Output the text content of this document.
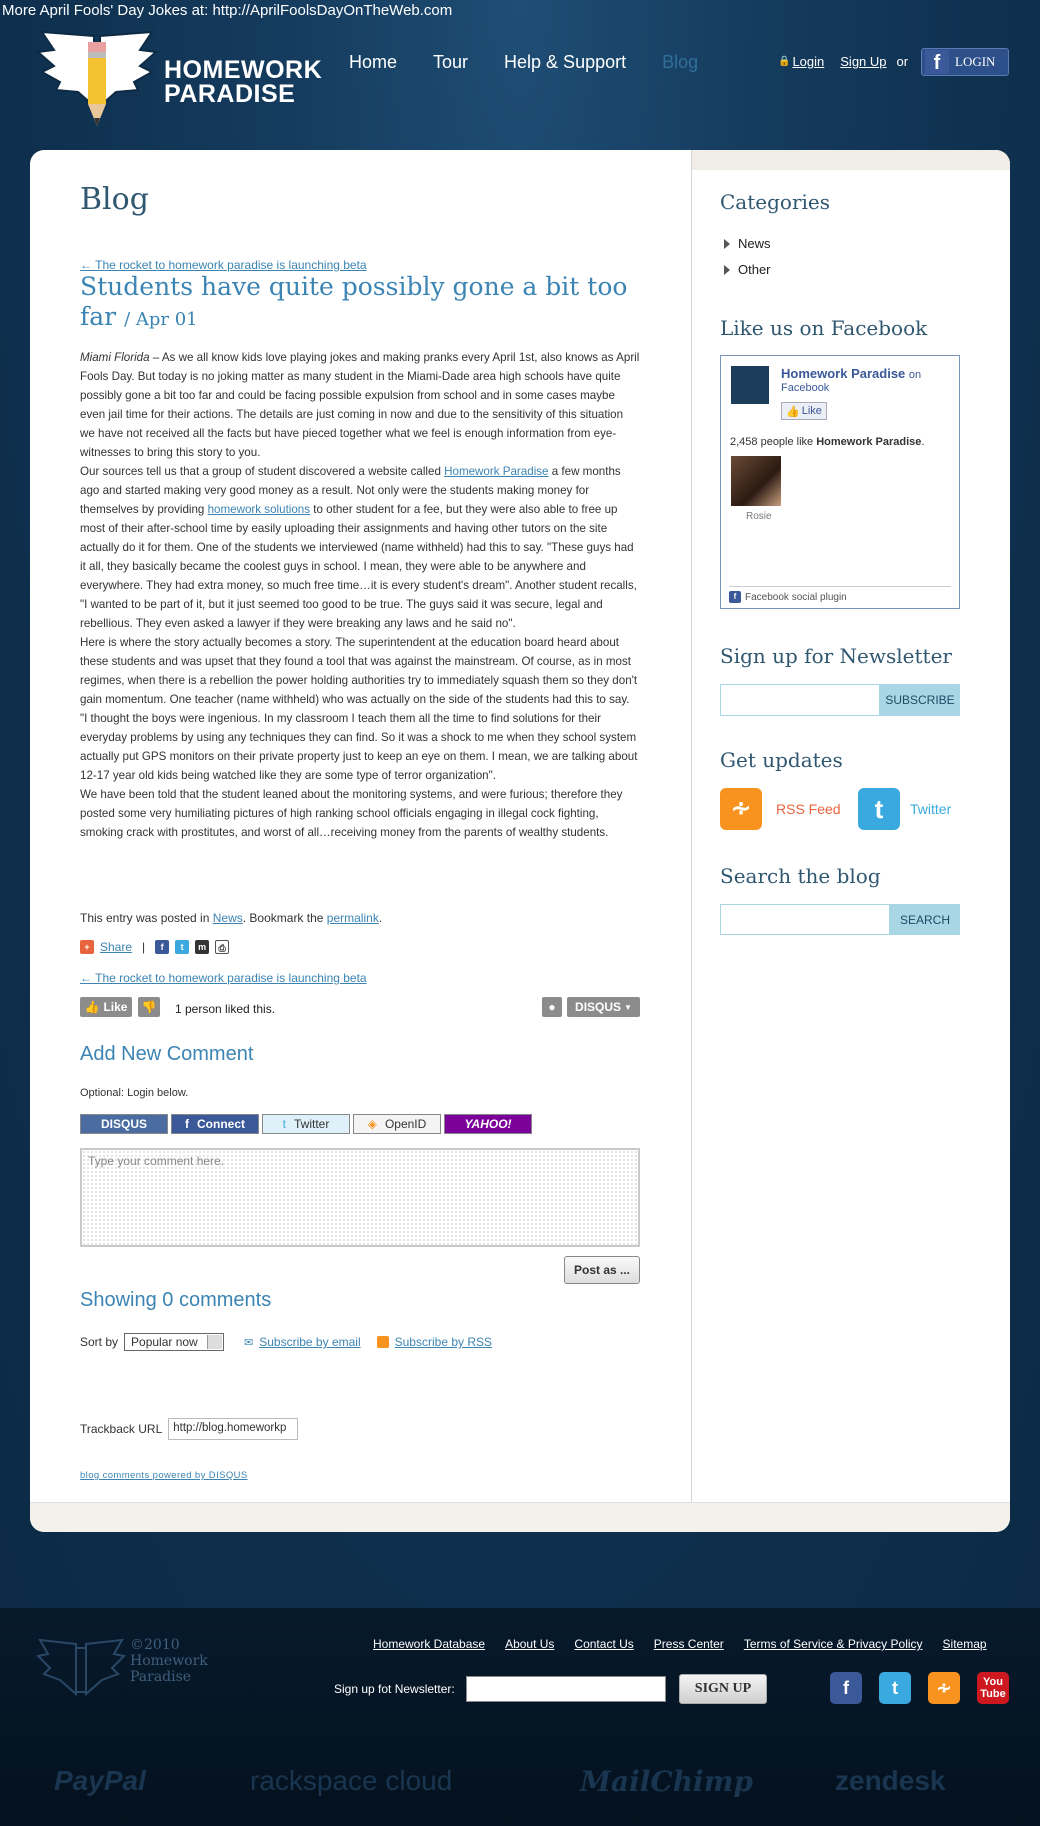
More April Fools' Day Jokes at: http://AprilFoolsDayOnTheWeb.com
HOMEWORK
PARADISE
Home Tour Help & Support Blog	🔒 Login Sign Up or	f	LOGIN
Blog
← The rocket to homework paradise is launching beta
Students have quite possibly gone a bit too far / Apr 01

Miami Florida – As we all know kids love playing jokes and making pranks every April 1st, also knows as April Fools Day. But today is no joking matter as many student in the Miami-Dade area high schools have quite possibly gone a bit too far and could be facing possible expulsion from school and in some cases maybe even jail time for their actions. The details are just coming in now and due to the sensitivity of this situation we have not received all the facts but have pieced together what we feel is enough information from eye-witnesses to bring this story to you.

Our sources tell us that a group of student discovered a website called Homework Paradise a few months ago and started making very good money as a result. Not only were the students making money for themselves by providing homework solutions to other student for a fee, but they were also able to free up most of their after-school time by easily uploading their assignments and having other tutors on the site actually do it for them. One of the students we interviewed (name withheld) had this to say. "These guys had it all, they basically became the coolest guys in school. I mean, they were able to be anywhere and everywhere. They had extra money, so much free time…it is every student's dream". Another student recalls, "I wanted to be part of it, but it just seemed too good to be true. The guys said it was secure, legal and rebellious. They even asked a lawyer if they were breaking any laws and he said no".

Here is where the story actually becomes a story. The superintendent at the education board heard about these students and was upset that they found a tool that was against the mainstream. Of course, as in most regimes, when there is a rebellion the power holding authorities try to immediately squash them so they don't gain momentum. One teacher (name withheld) who was actually on the side of the students had this to say. "I thought the boys were ingenious. In my classroom I teach them all the time to find solutions for their everyday problems by using any techniques they can find. So it was a shock to me when they school system actually put GPS monitors on their private property just to keep an eye on them. I mean, we are talking about 12-17 year old kids being watched like they are some type of terror organization".

We have been told that the student leaned about the monitoring systems, and were furious; therefore they posted some very humiliating pictures of high ranking school officials engaging in illegal cock fighting, smoking crack with prostitutes, and worst of all…receiving money from the parents of wealthy students.

This entry was posted in News. Bookmark the permalink.
+ Share |	f	t	m	⎙
← The rocket to homework paradise is launching beta
👍 Like 👎 1 person liked this.	●	DISQUS ▼
Add New Comment
Optional: Login below.
DISQUS	f Connect	t Twitter	◈ OpenID	YAHOO!
Type your comment here.
Post as ...
Showing 0 comments
Sort by	Popular now	✉ Subscribe by email	Subscribe by RSS
Trackback URL http://blog.homeworkp
blog comments powered by DISQUS
Categories
News
Other
Like us on Facebook
Homework Paradise on
Facebook
👍 Like
2,458 people like Homework Paradise.
Rosie
f Facebook social plugin
Sign up for Newsletter
SUBSCRIBE
Get updates
∻	RSS Feed	t	Twitter
Search the blog
SEARCH
©2010
Homework
Paradise
Homework Database About Us Contact Us Press Center Terms of Service & Privacy Policy Sitemap
Sign up fot Newsletter:	SIGN UP	f	t	∻	You
Tube
PayPal	rackspace cloud	MailChimp	zendesk
